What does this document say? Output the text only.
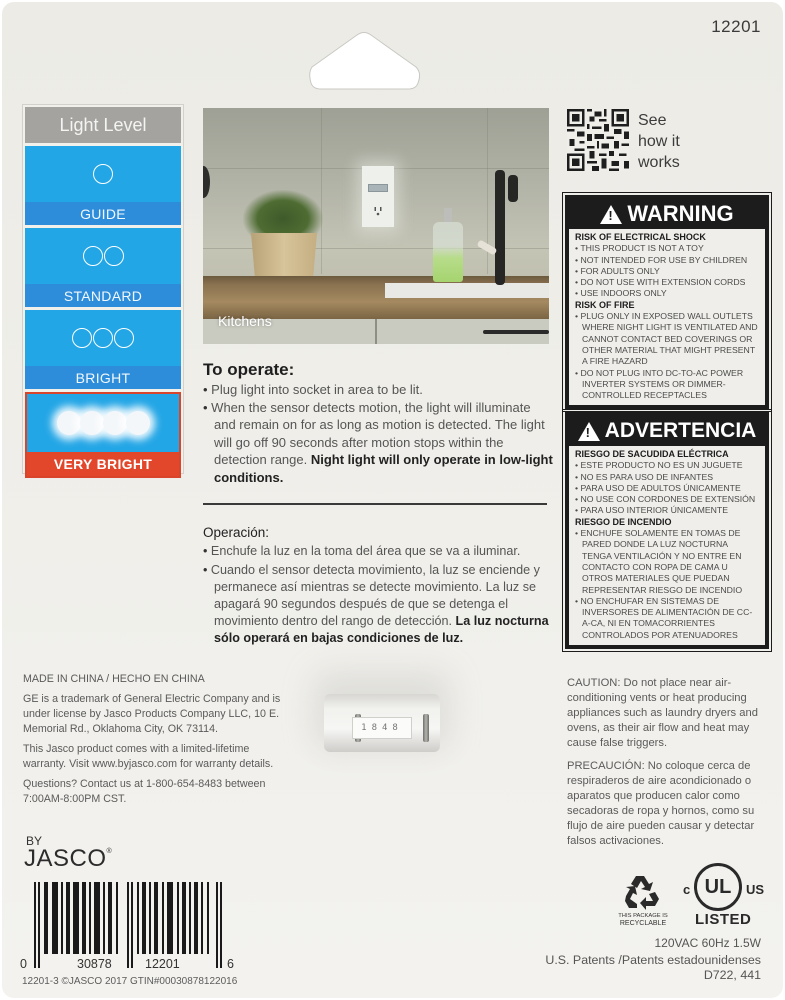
12201
Light Level
GUIDE
STANDARD
BRIGHT
VERY BRIGHT
Kitchens
See
how it
works
!
WARNING
RISK OF ELECTRICAL SHOCK
• THIS PRODUCT IS NOT A TOY
• NOT INTENDED FOR USE BY CHILDREN
• FOR ADULTS ONLY
• DO NOT USE WITH EXTENSION CORDS
• USE INDOORS ONLY
RISK OF FIRE
• PLUG ONLY IN EXPOSED WALL OUTLETS WHERE NIGHT LIGHT IS VENTILATED AND CANNOT CONTACT BED COVERINGS OR OTHER MATERIAL THAT MIGHT PRESENT A FIRE HAZARD
• DO NOT PLUG INTO DC-TO-AC POWER INVERTER SYSTEMS OR DIMMER-CONTROLLED RECEPTACLES
!
ADVERTENCIA
RIESGO DE SACUDIDA ELÉCTRICA
• ESTE PRODUCTO NO ES UN JUGUETE
• NO ES PARA USO DE INFANTES
• PARA USO DE ADULTOS ÚNICAMENTE
• NO USE CON CORDONES DE EXTENSIÓN
• PARA USO INTERIOR ÚNICAMENTE
RIESGO DE INCENDIO
• ENCHUFE SOLAMENTE EN TOMAS DE PARED DONDE LA LUZ NOCTURNA TENGA VENTILACIÓN Y NO ENTRE EN CONTACTO CON ROPA DE CAMA U OTROS MATERIALES QUE PUEDAN REPRESENTAR RIESGO DE INCENDIO
• NO ENCHUFAR EN SISTEMAS DE INVERSORES DE ALIMENTACIÓN DE CC-A-CA, NI EN TOMACORRIENTES CONTROLADOS POR ATENUADORES
To operate:
• Plug light into socket in area to be lit.
• When the sensor detects motion, the light will illuminate and remain on for as long as motion is detected. The light will go off 90 seconds after motion stops within the detection range. Night light will only operate in low-light conditions.
Operación:
• Enchufe la luz en la toma del área que se va a iluminar.
• Cuando el sensor detecta movimiento, la luz se enciende y permanece así mientras se detecte movimiento. La luz se apagará 90 segundos después de que se detenga el movimiento dentro del rango de detección. La luz nocturna sólo operará en bajas condiciones de luz.
1848

MADE IN CHINA / HECHO EN CHINA

GE is a trademark of General Electric Company and is under license by Jasco Products Company LLC, 10 E. Memorial Rd., Oklahoma City, OK 73114.

This Jasco product comes with a limited-lifetime warranty. Visit www.byjasco.com for warranty details.

Questions? Contact us at 1-800-654-8483 between 7:00AM-8:00PM CST.

BY
JASCO®
0	30878	12201	6
12201-3 ©JASCO 2017 GTIN#00030878122016

CAUTION: Do not place near air-conditioning vents or heat producing appliances such as laundry dryers and ovens, as their air flow and heat may cause false triggers.

PRECAUCIÓN: No coloque cerca de respiraderos de aire acondicionado o aparatos que producen calor como secadoras de ropa y hornos, como su flujo de aire pueden causar y detectar falsos activaciones.

THIS PACKAGE IS
RECYCLABLE
c UL	US
LISTED
120VAC 60Hz 1.5W
U.S. Patents /Patents estadounidenses
D722, 441
